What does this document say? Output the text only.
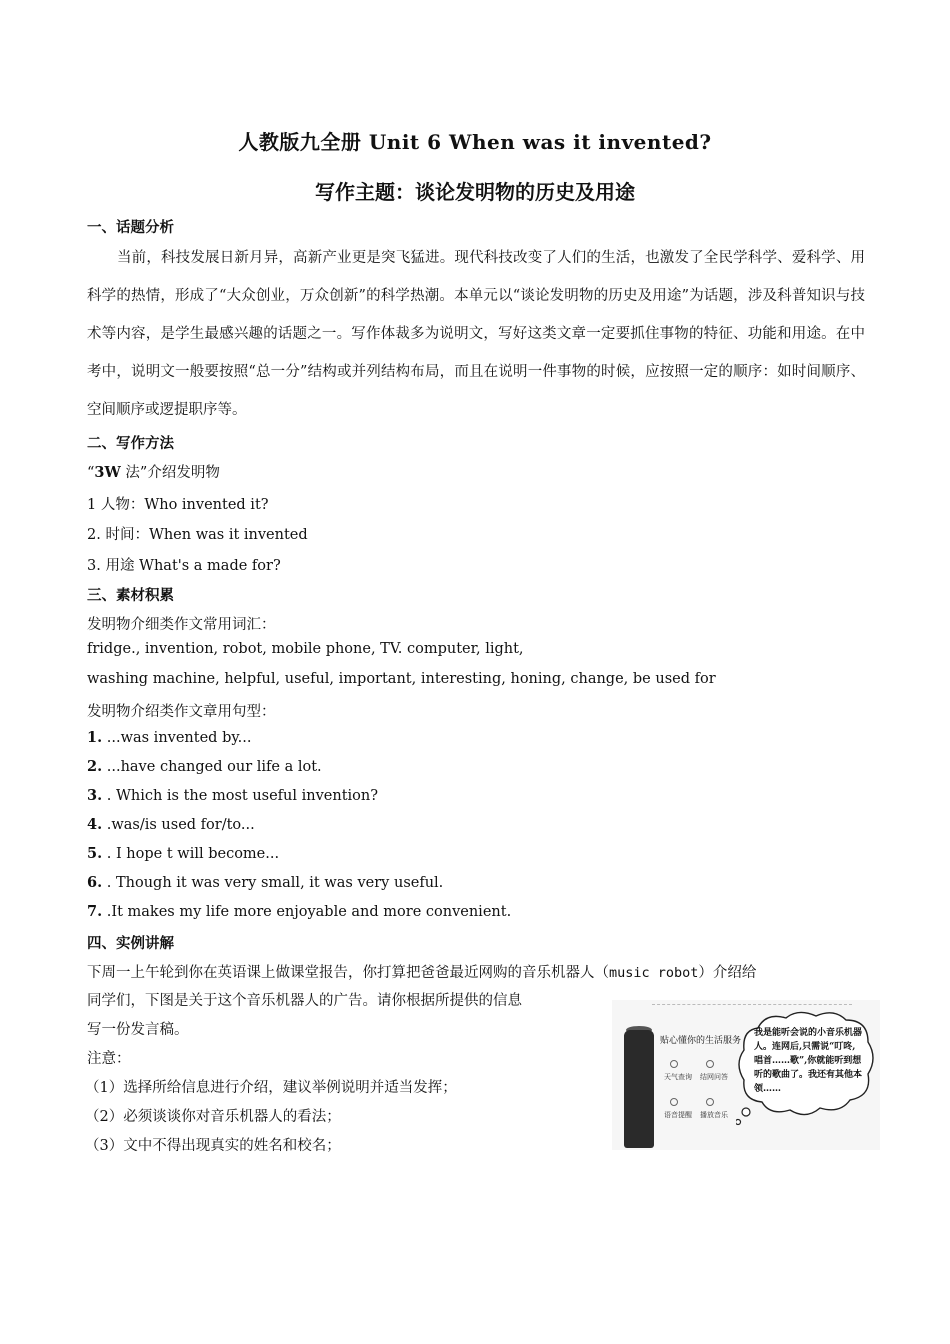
人教版九全册 Unit 6 When was it invented?
写作主题：谈论发明物的历史及用途
一、话题分析
当前，科技发展日新月异，高新产业更是突飞猛进。现代科技改变了人们的生活，也激发了全民学科学、爱科学、用科学的热情，形成了“大众创业，万众创新”的科学热潮。本单元以“谈论发明物的历史及用途”为话题，涉及科普知识与技术等内容，是学生最感兴趣的话题之一。写作体裁多为说明文，写好这类文章一定要抓住事物的特征、功能和用途。在中考中，说明文一般要按照“总一分”结构或并列结构布局，而且在说明一件事物的时候，应按照一定的顺序：如时间顺序、空间顺序或逻提职序等。
二、写作方法
“3W 法”介绍发明物
1 人物：Who invented it?
2. 时间：When was it invented
3. 用途 What's a made for?
三、素材积累
发明物介细类作文常用词汇：
fridge., invention, robot, mobile phone, TV. computer, light,
washing machine, helpful, useful, important, interesting, honing, change, be used for
发明物介绍类作文章用句型：
1. ...was invented by...
2. ...have changed our life a lot.
3. . Which is the most useful invention?
4. .was/is used for/to...
5. . I hope t will become...
6. . Though it was very small, it was very useful.
7. .It makes my life more enjoyable and more convenient.
四、实例讲解
下周一上午轮到你在英语课上做课堂报告，你打算把爸爸最近网购的音乐机器人（music robot）介绍给
同学们，下图是关于这个音乐机器人的广告。请你根据所提供的信息
写一份发言稿。
注意：
（1）选择所给信息进行介绍，建议举例说明并适当发挥；
（2）必须谈谈你对音乐机器人的看法；
（3）文中不得出现真实的姓名和校名；
贴心懂你的生活服务
天气查询 结网问答
语音提醒 播放音乐
我是能听会说的小音乐机器人。连网后,只需说“叮咚,唱首……歌”,你就能听到想听的歌曲了。我还有其他本领……
